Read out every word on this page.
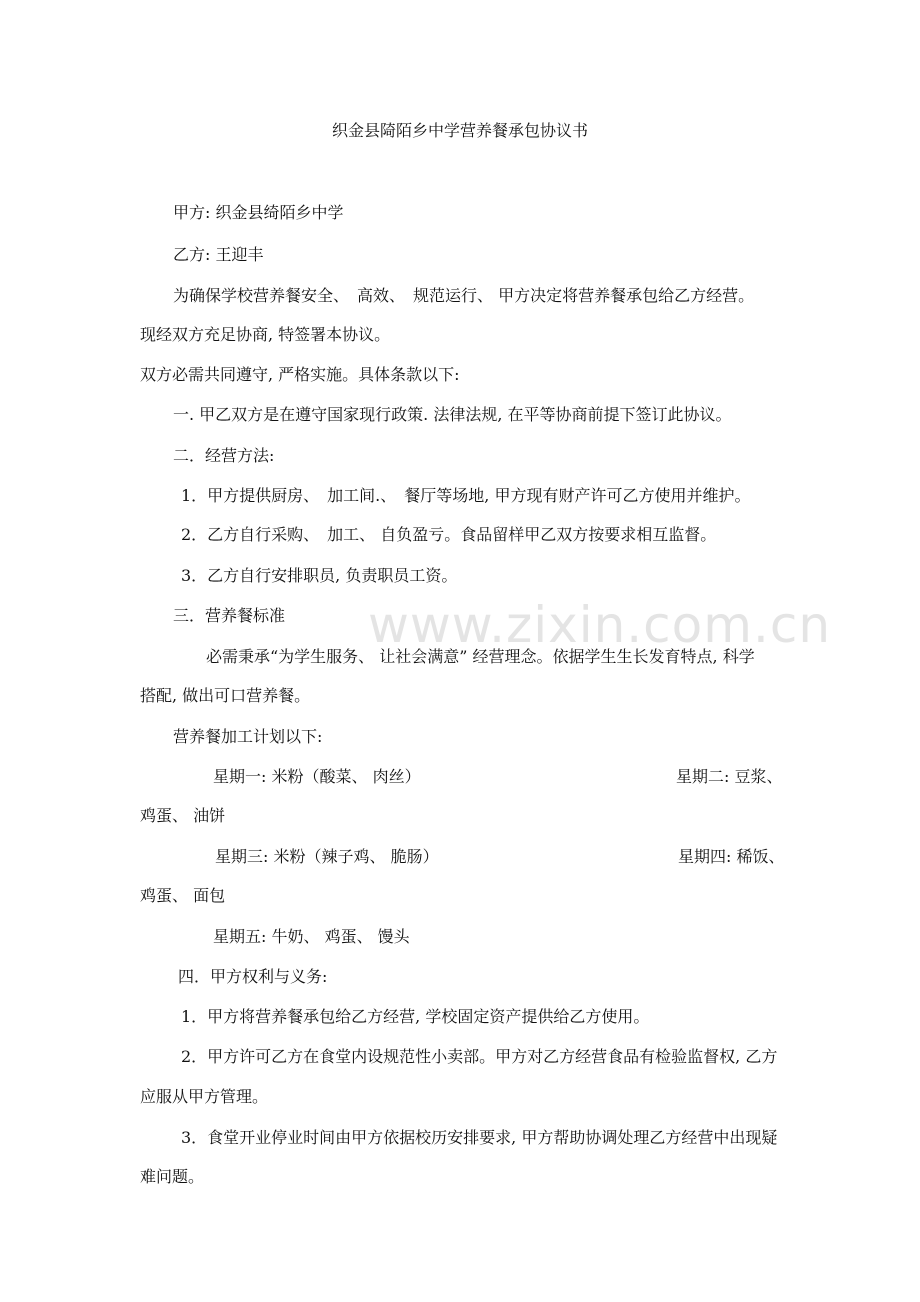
www.zixin.com.cn
织金县陭陌乡中学营养餐承包协议书
甲方: 织金县绮陌乡中学
乙方: 王迎丰
为确保学校营养餐安全、　高效、　规范运行、 甲方决定将营养餐承包给乙方经营。
现经双方充足协商, 特签署本协议。
双方必需共同遵守, 严格实施。具体条款以下:
一. 甲乙双方是在遵守国家现行政策. 法律法规, 在平等协商前提下签订此协议。
二．经营方法:
1．甲方提供厨房、　加工间.、　餐厅等场地, 甲方现有财产许可乙方使用并维护。
2．乙方自行采购、　加工、 自负盈亏。食品留样甲乙双方按要求相互监督。
3．乙方自行安排职员, 负责职员工资。
三．营养餐标准
必需秉承“为学生服务、 让社会满意” 经营理念。依据学生生长发育特点, 科学
搭配, 做出可口营养餐。
营养餐加工计划以下:
星期一: 米粉（酸菜、 肉丝）	星期二: 豆浆、
鸡蛋、 油饼
星期三: 米粉（辣子鸡、 脆肠）	星期四: 稀饭、
鸡蛋、 面包
星期五: 牛奶、 鸡蛋、 馒头
四．甲方权利与义务:
1．甲方将营养餐承包给乙方经营, 学校固定资产提供给乙方使用。
2．甲方许可乙方在食堂内设规范性小卖部。甲方对乙方经营食品有检验监督权, 乙方
应服从甲方管理。
3．食堂开业停业时间由甲方依据校历安排要求, 甲方帮助协调处理乙方经营中出现疑
难问题。
